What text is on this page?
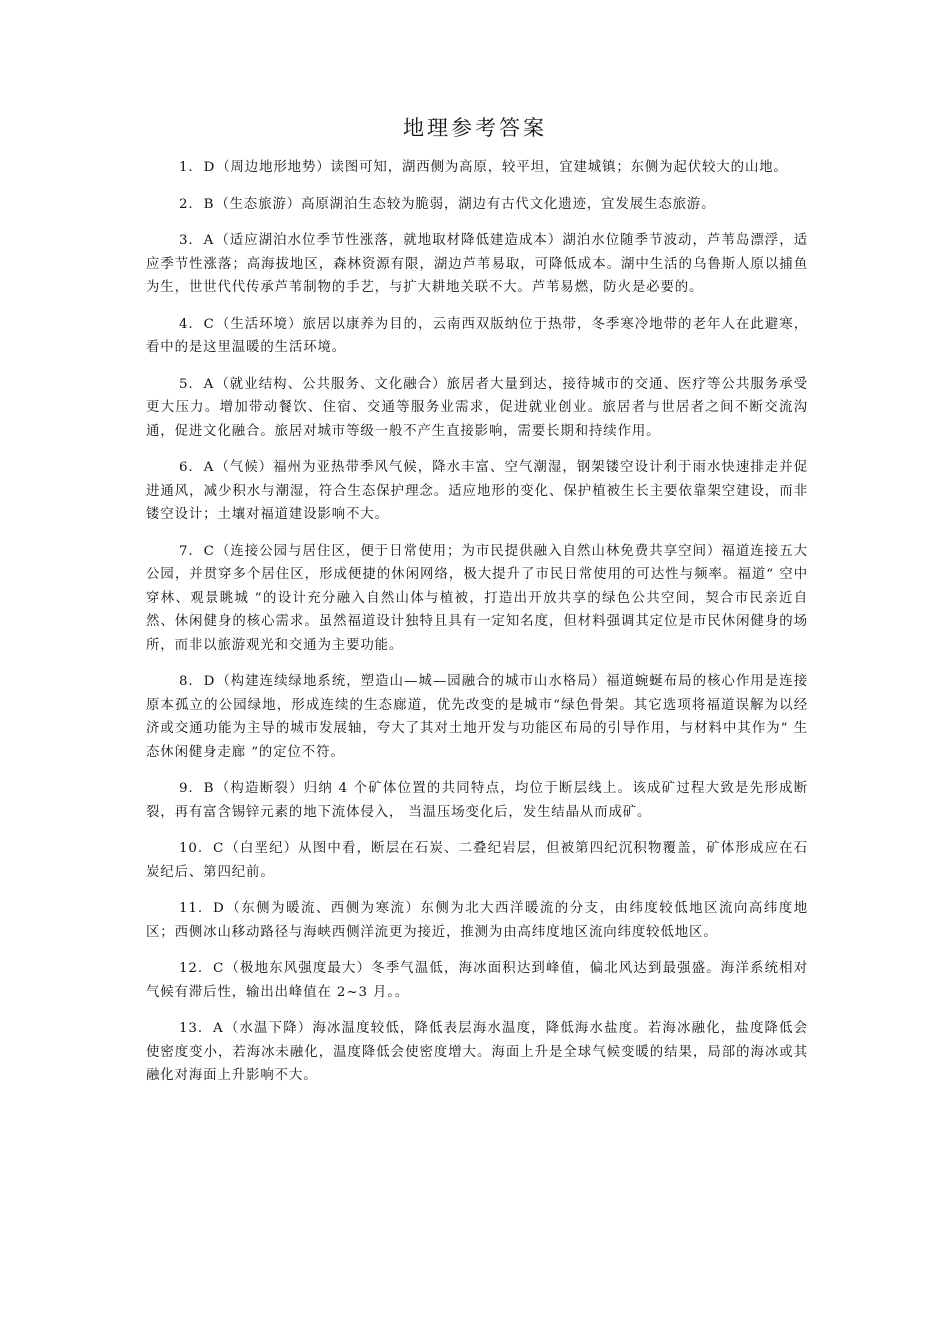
地理参考答案

1. D（周边地形地势）读图可知，湖西侧为高原，较平坦，宜建城镇；东侧为起伏较大的山地。

2. B（生态旅游）高原湖泊生态较为脆弱，湖边有古代文化遗迹，宜发展生态旅游。

3. A（适应湖泊水位季节性涨落，就地取材降低建造成本）湖泊水位随季节波动，芦苇岛漂浮，适应季节性涨落；高海拔地区，森林资源有限，湖边芦苇易取，可降低成本。湖中生活的乌鲁斯人原以捕鱼为生，世世代代传承芦苇制物的手艺，与扩大耕地关联不大。芦苇易燃，防火是必要的。

4. C（生活环境）旅居以康养为目的，云南西双版纳位于热带，冬季寒冷地带的老年人在此避寒，看中的是这里温暖的生活环境。

5. A（就业结构、公共服务、文化融合）旅居者大量到达，接待城市的交通、医疗等公共服务承受更大压力。增加带动餐饮、住宿、交通等服务业需求，促进就业创业。旅居者与世居者之间不断交流沟通，促进文化融合。旅居对城市等级一般不产生直接影响，需要长期和持续作用。

6. A（气候）福州为亚热带季风气候，降水丰富、空气潮湿，钢架镂空设计利于雨水快速排走并促进通风，减少积水与潮湿，符合生态保护理念。适应地形的变化、保护植被生长主要依靠架空建设，而非镂空设计；土壤对福道建设影响不大。

7. C（连接公园与居住区，便于日常使用；为市民提供融入自然山林免费共享空间）福道连接五大公园，并贯穿多个居住区，形成便捷的休闲网络，极大提升了市民日常使用的可达性与频率。福道“ 空中穿林、观景眺城 ”的设计充分融入自然山体与植被，打造出开放共享的绿色公共空间，契合市民亲近自然、休闲健身的核心需求。虽然福道设计独特且具有一定知名度，但材料强调其定位是市民休闲健身的场所，而非以旅游观光和交通为主要功能。

8. D（构建连续绿地系统，塑造山—城—园融合的城市山水格局）福道蜿蜒布局的核心作用是连接原本孤立的公园绿地，形成连续的生态廊道，优先改变的是城市“绿色骨架。其它选项将福道误解为以经济或交通功能为主导的城市发展轴，夸大了其对土地开发与功能区布局的引导作用，与材料中其作为“ 生态休闲健身走廊 ”的定位不符。

9. B（构造断裂）归纳 4 个矿体位置的共同特点，均位于断层线上。该成矿过程大致是先形成断裂，再有富含锡锌元素的地下流体侵入， 当温压场变化后，发生结晶从而成矿。

10. C（白垩纪）从图中看，断层在石炭、二叠纪岩层，但被第四纪沉积物覆盖，矿体形成应在石炭纪后、第四纪前。

11. D（东侧为暖流、西侧为寒流）东侧为北大西洋暖流的分支，由纬度较低地区流向高纬度地区；西侧冰山移动路径与海峡西侧洋流更为接近，推测为由高纬度地区流向纬度较低地区。

12. C（极地东风强度最大）冬季气温低，海冰面积达到峰值，偏北风达到最强盛。海洋系统相对气候有滞后性，输出出峰值在 2~3 月。。

13. A（水温下降）海冰温度较低，降低表层海水温度，降低海水盐度。若海冰融化，盐度降低会使密度变小，若海冰未融化，温度降低会使密度增大。海面上升是全球气候变暖的结果，局部的海冰或其融化对海面上升影响不大。
